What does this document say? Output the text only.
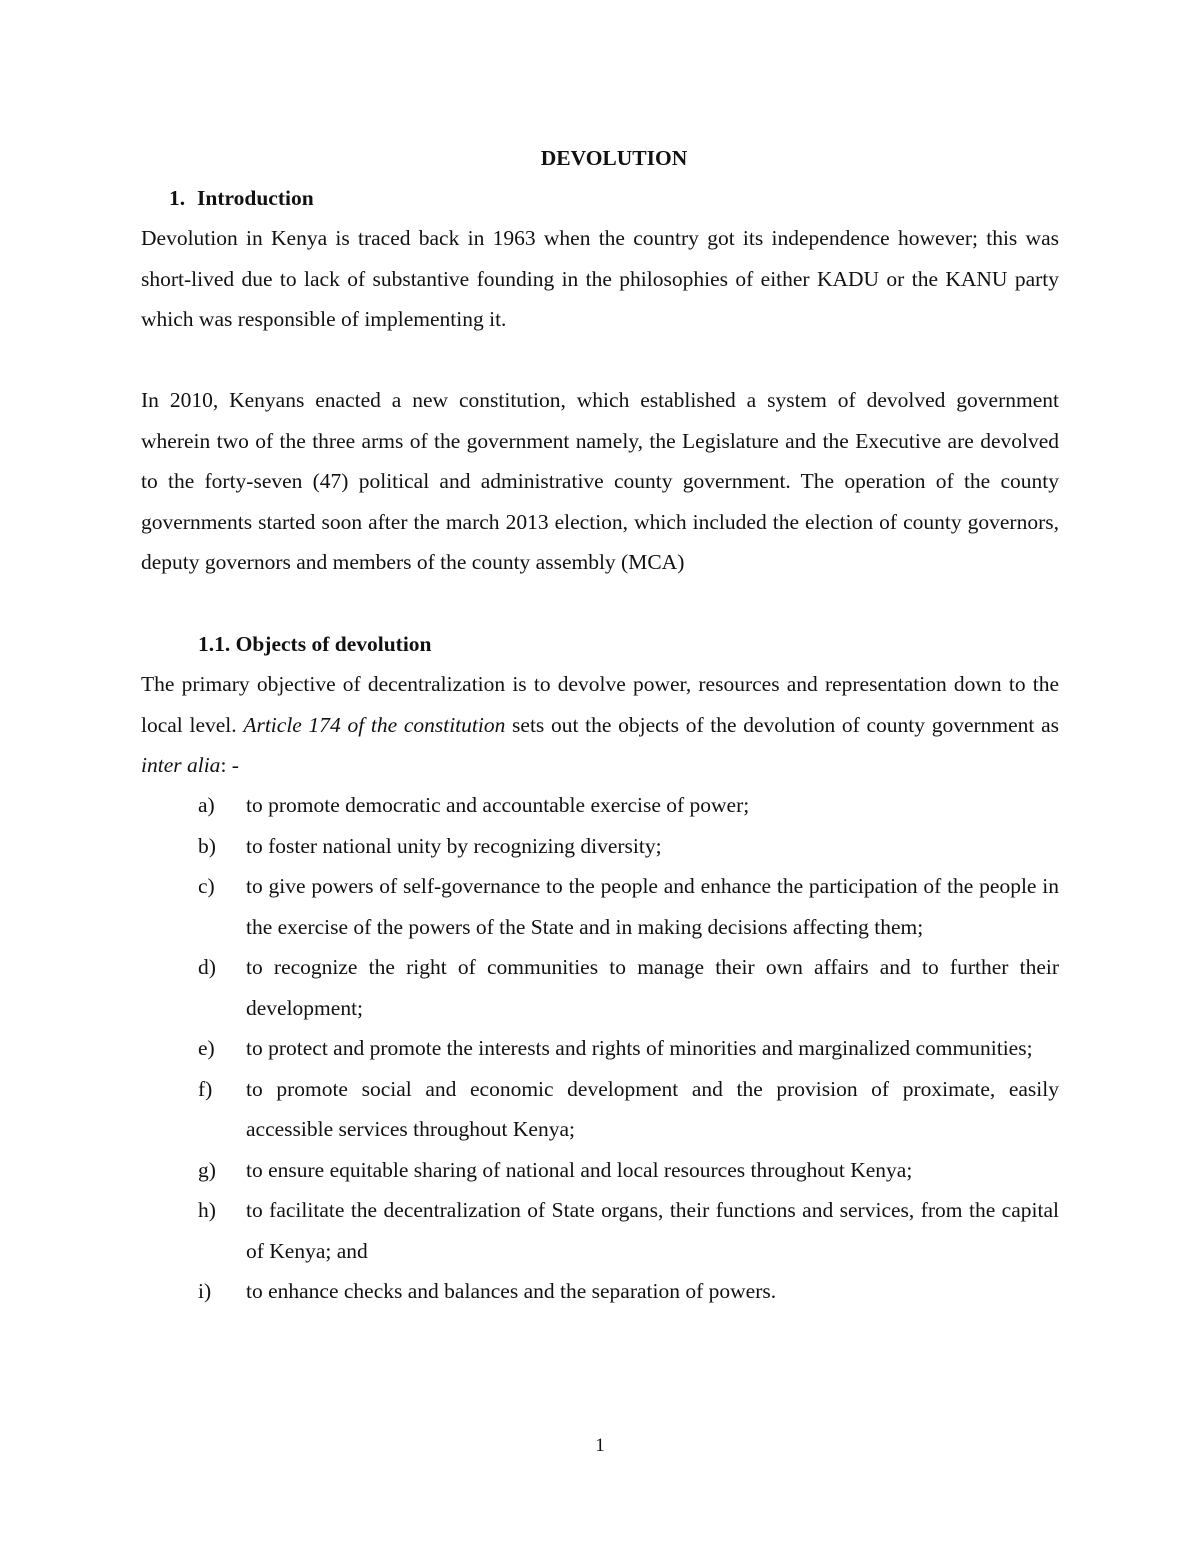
DEVOLUTION
1. Introduction

Devolution in Kenya is traced back in 1963 when the country got its independence however; this was short-lived due to lack of substantive founding in the philosophies of either KADU or the KANU party which was responsible of implementing it.

In 2010, Kenyans enacted a new constitution, which established a system of devolved government wherein two of the three arms of the government namely, the Legislature and the Executive are devolved to the forty-seven (47) political and administrative county government. The operation of the county governments started soon after the march 2013 election, which included the election of county governors, deputy governors and members of the county assembly (MCA)

1.1. Objects of devolution

The primary objective of decentralization is to devolve power, resources and representation down to the local level. Article 174 of the constitution sets out the objects of the devolution of county government as inter alia: -

a) to promote democratic and accountable exercise of power;
b) to foster national unity by recognizing diversity;
c) to give powers of self-governance to the people and enhance the participation of the people in the exercise of the powers of the State and in making decisions affecting them;
d) to recognize the right of communities to manage their own affairs and to further their development;
e) to protect and promote the interests and rights of minorities and marginalized communities;
f) to promote social and economic development and the provision of proximate, easily accessible services throughout Kenya;
g) to ensure equitable sharing of national and local resources throughout Kenya;
h) to facilitate the decentralization of State organs, their functions and services, from the capital of Kenya; and
i) to enhance checks and balances and the separation of powers.
1
